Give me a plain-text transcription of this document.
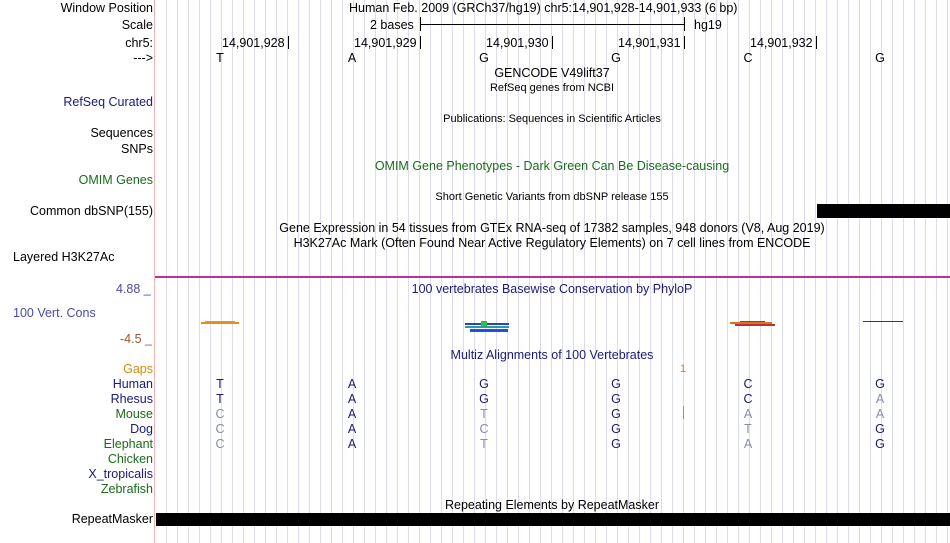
Window Position	Human Feb. 2009 (GRCh37/hg19) chr5:14,901,928-14,901,933 (6 bp)
Scale	2 bases	hg19
chr5:	14,901,928	14,901,929	14,901,930	14,901,931	14,901,932
--->	T	A	G	G	C	G
GENCODE V49lift37
RefSeq genes from NCBI
RefSeq Curated
Publications: Sequences in Scientific Articles
Sequences
SNPs
OMIM Gene Phenotypes - Dark Green Can Be Disease-causing
OMIM Genes
Short Genetic Variants from dbSNP release 155
Common dbSNP(155)
Gene Expression in 54 tissues from GTEx RNA-seq of 17382 samples, 948 donors (V8, Aug 2019)
H3K27Ac Mark (Often Found Near Active Regulatory Elements) on 7 cell lines from ENCODE
Layered H3K27Ac
4.88 _	100 vertebrates Basewise Conservation by PhyloP
100 Vert. Cons
-4.5 _
Multiz Alignments of 100 Vertebrates
Gaps	1
Human	T	A	G	G	C	G
Rhesus	T	A	G	G	C	A
Mouse	C	A	T	G	A	A
Dog	C	A	C	G	T	G
Elephant	C	A	T	G	A	G
Chicken
X_tropicalis
Zebrafish
Repeating Elements by RepeatMasker
RepeatMasker
